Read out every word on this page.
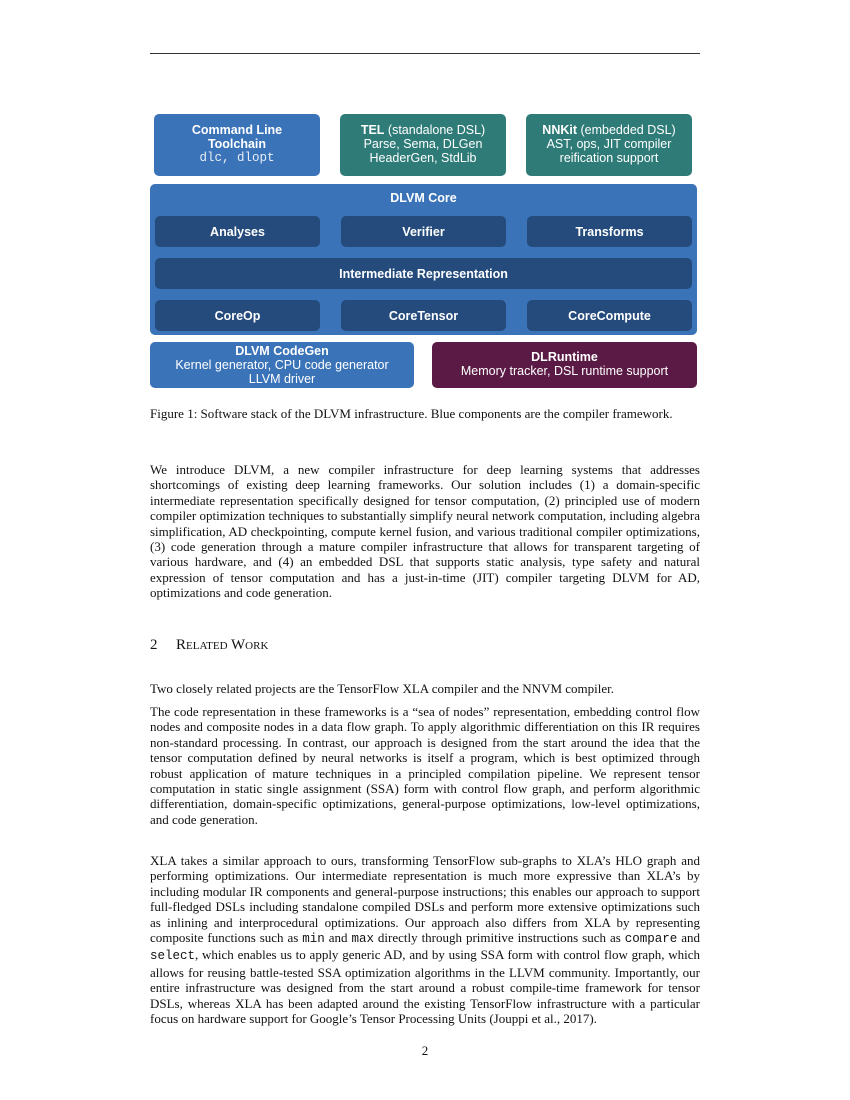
Command Line
Toolchain
dlc, dlopt
TEL (standalone DSL)
Parse, Sema, DLGen
HeaderGen, StdLib
NNKit (embedded DSL)
AST, ops, JIT compiler
reification support
DLVM Core
Analyses	Verifier	Transforms
Intermediate Representation
CoreOp	CoreTensor	CoreCompute
DLVM CodeGen
Kernel generator, CPU code generator
LLVM driver
DLRuntime
Memory tracker, DSL runtime support
Figure 1: Software stack of the DLVM infrastructure. Blue components are the compiler framework.

We introduce DLVM, a new compiler infrastructure for deep learning systems that addresses shortcomings of existing deep learning frameworks. Our solution includes (1) a domain-specific intermediate representation specifically designed for tensor computation, (2) principled use of modern compiler optimization techniques to substantially simplify neural network computation, including algebra simplification, AD checkpointing, compute kernel fusion, and various traditional compiler optimizations, (3) code generation through a mature compiler infrastructure that allows for transparent targeting of various hardware, and (4) an embedded DSL that supports static analysis, type safety and natural expression of tensor computation and has a just-in-time (JIT) compiler targeting DLVM for AD, optimizations and code generation.

2 Related Work

Two closely related projects are the TensorFlow XLA compiler and the NNVM compiler.

The code representation in these frameworks is a “sea of nodes” representation, embedding control flow nodes and composite nodes in a data flow graph. To apply algorithmic differentiation on this IR requires non-standard processing. In contrast, our approach is designed from the start around the idea that the tensor computation defined by neural networks is itself a program, which is best optimized through robust application of mature techniques in a principled compilation pipeline. We represent tensor computation in static single assignment (SSA) form with control flow graph, and perform algorithmic differentiation, domain-specific optimizations, general-purpose optimizations, low-level optimizations, and code generation.

XLA takes a similar approach to ours, transforming TensorFlow sub-graphs to XLA’s HLO graph and performing optimizations. Our intermediate representation is much more expressive than XLA’s by including modular IR components and general-purpose instructions; this enables our approach to support full-fledged DSLs including standalone compiled DSLs and perform more extensive optimizations such as inlining and interprocedural optimizations. Our approach also differs from XLA by representing composite functions such as min and max directly through primitive instructions such as compare and select, which enables us to apply generic AD, and by using SSA form with control flow graph, which allows for reusing battle-tested SSA optimization algorithms in the LLVM community. Importantly, our entire infrastructure was designed from the start around a robust compile-time framework for tensor DSLs, whereas XLA has been adapted around the existing TensorFlow infrastructure with a particular focus on hardware support for Google’s Tensor Processing Units (Jouppi et al., 2017).

2
